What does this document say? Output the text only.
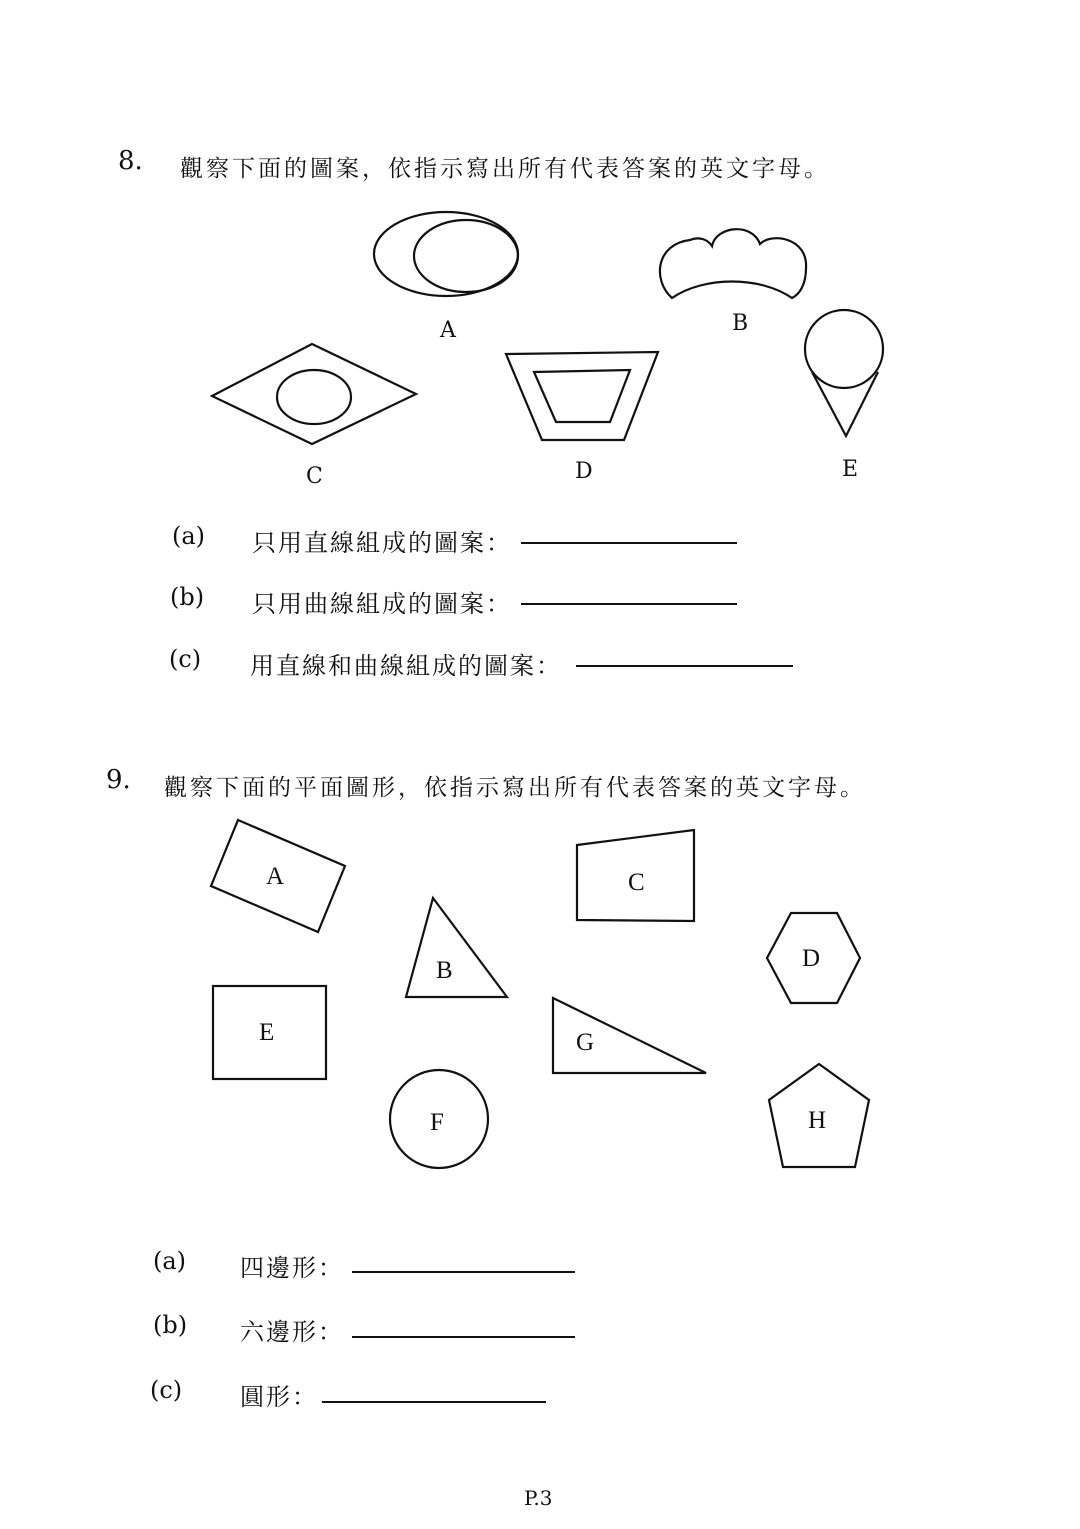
8. 觀察下面的圖案，依指示寫出所有代表答案的英文字母。
A	B
C	D	E
A
B
C
D
E
F
G
H
(a) 只用直線組成的圖案：
(b) 只用曲線組成的圖案：
(c) 用直線和曲線組成的圖案：
9. 觀察下面的平面圖形，依指示寫出所有代表答案的英文字母。
(a) 四邊形：
(b) 六邊形：
(c) 圓形：
P.3
